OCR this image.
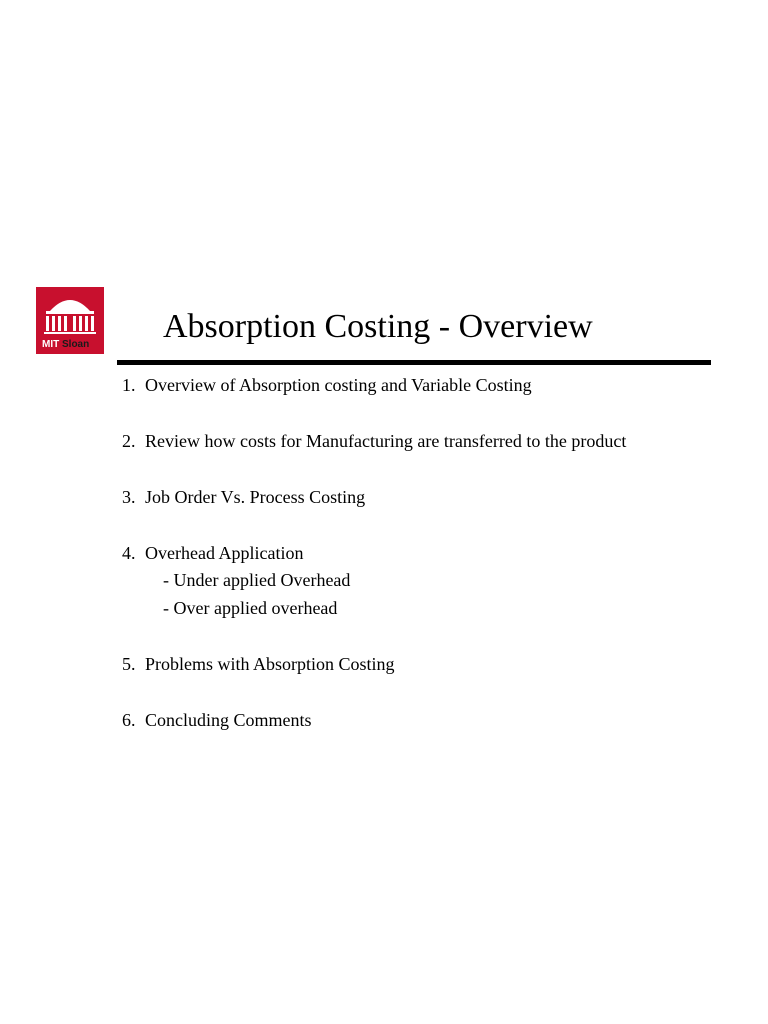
MIT Sloan Absorption Costing - Overview
1. Overview of Absorption costing and Variable Costing
2. Review how costs for Manufacturing are transferred to the product
3. Job Order Vs. Process Costing
4. Overhead Application
- Under applied Overhead
- Over applied overhead
5. Problems with Absorption Costing
6. Concluding Comments
